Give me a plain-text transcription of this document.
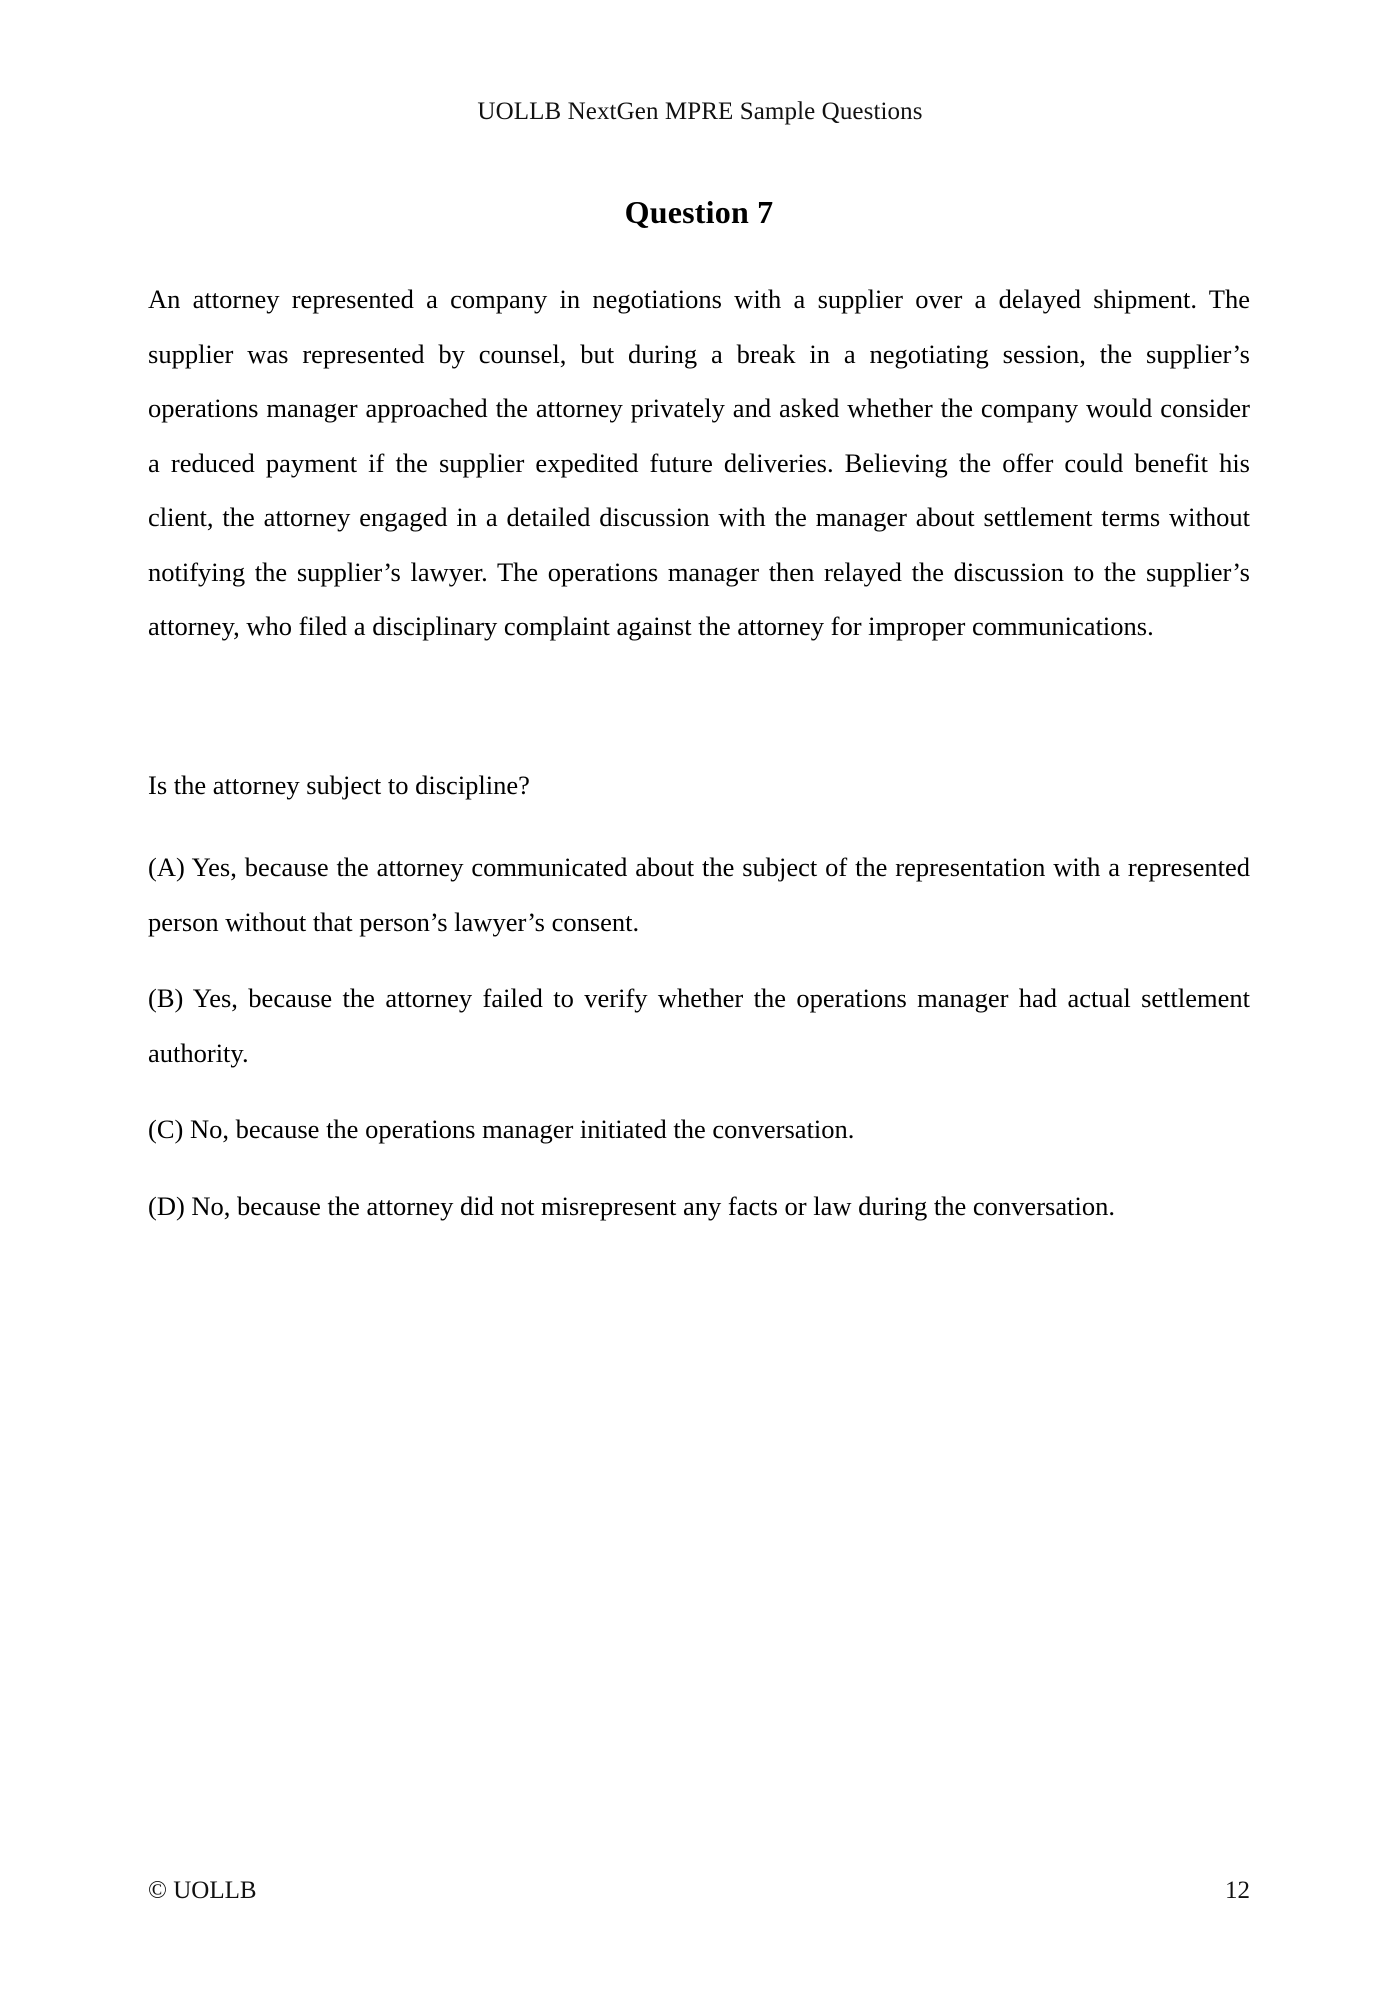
UOLLB NextGen MPRE Sample Questions
Question 7

An attorney represented a company in negotiations with a supplier over a delayed shipment. The supplier was represented by counsel, but during a break in a negotiating session, the supplier’s operations manager approached the attorney privately and asked whether the company would consider a reduced payment if the supplier expedited future deliveries. Believing the offer could benefit his client, the attorney engaged in a detailed discussion with the manager about settlement terms without notifying the supplier’s lawyer. The operations manager then relayed the discussion to the supplier’s attorney, who filed a disciplinary complaint against the attorney for improper communications.

Is the attorney subject to discipline?

(A) Yes, because the attorney communicated about the subject of the representation with a represented person without that person’s lawyer’s consent.
(B) Yes, because the attorney failed to verify whether the operations manager had actual settlement authority.
(C) No, because the operations manager initiated the conversation.
(D) No, because the attorney did not misrepresent any facts or law during the conversation.
© UOLLB	12
